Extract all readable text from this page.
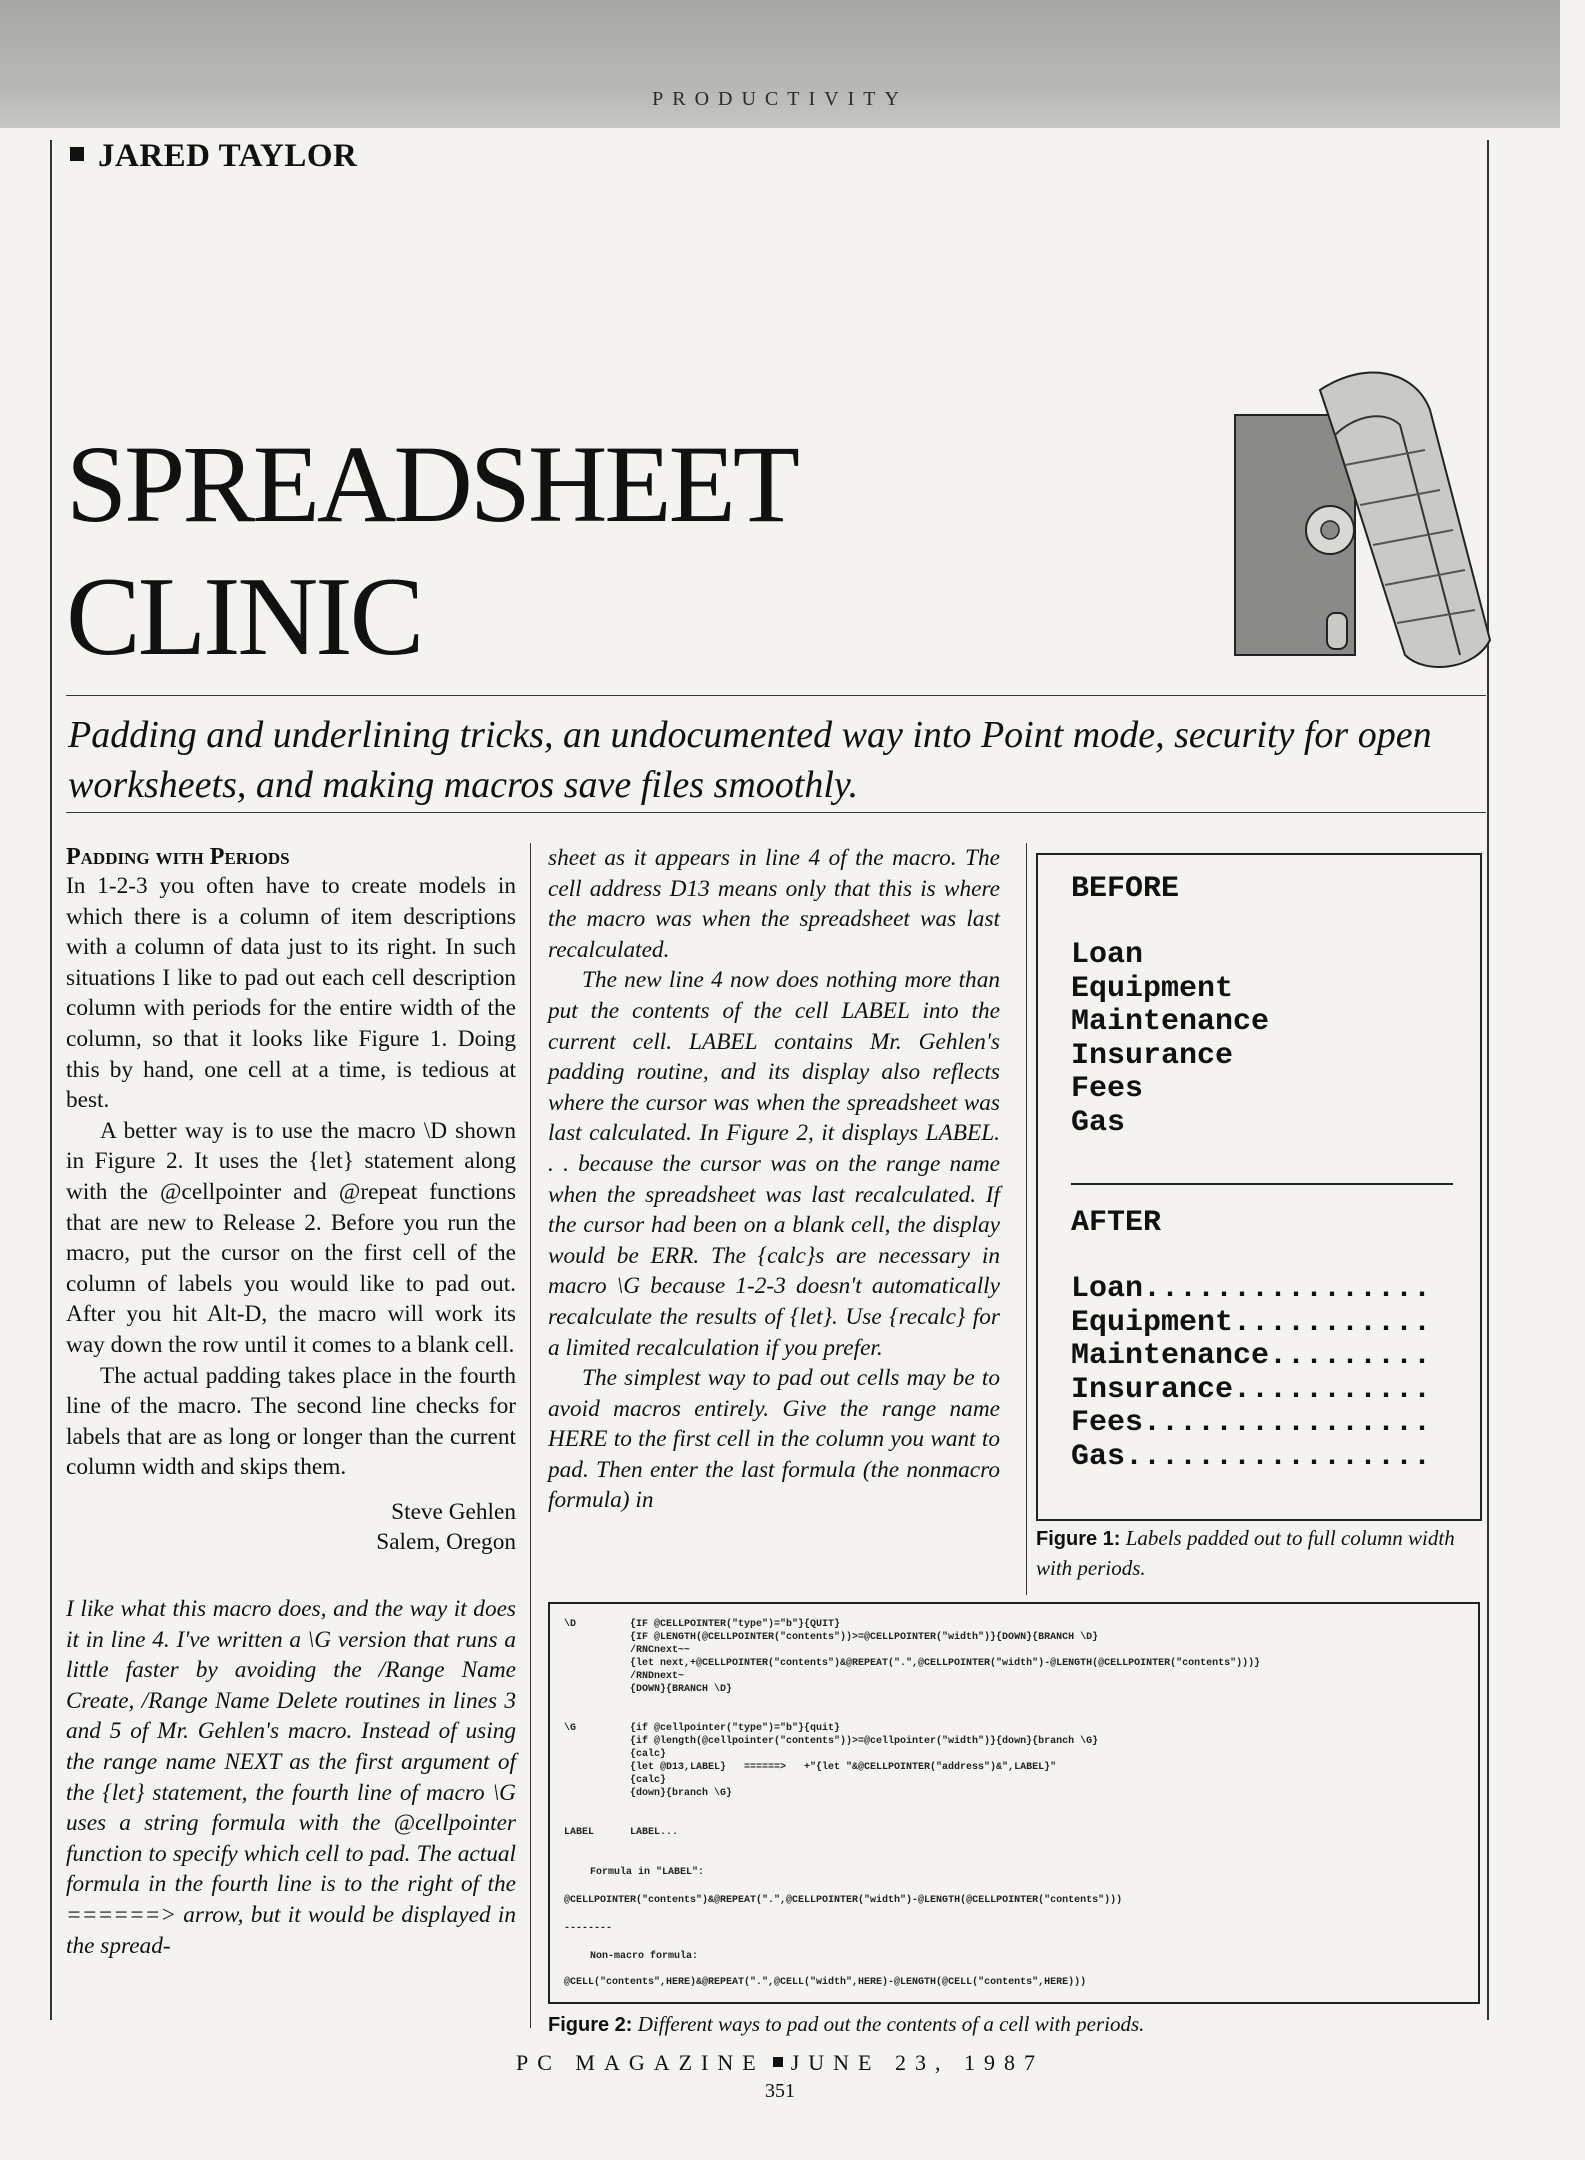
PRODUCTIVITY
JARED TAYLOR
SPREADSHEET
CLINIC

Padding and underlining tricks, an undocumented way into Point mode, security for open worksheets, and making macros save files smoothly.

Padding with Periods

In 1-2-3 you often have to create models in which there is a column of item descriptions with a column of data just to its right. In such situations I like to pad out each cell description column with periods for the entire width of the column, so that it looks like Figure 1. Doing this by hand, one cell at a time, is tedious at best.

A better way is to use the macro \D shown in Figure 2. It uses the {let} statement along with the @cellpointer and @repeat functions that are new to Release 2. Before you run the macro, put the cursor on the first cell of the column of labels you would like to pad out. After you hit Alt-D, the macro will work its way down the row until it comes to a blank cell.

The actual padding takes place in the fourth line of the macro. The second line checks for labels that are as long or longer than the current column width and skips them.

Steve Gehlen

Salem, Oregon

I like what this macro does, and the way it does it in line 4. I've written a \G version that runs a little faster by avoiding the /Range Name Create, /Range Name Delete routines in lines 3 and 5 of Mr. Gehlen's macro. Instead of using the range name NEXT as the first argument of the {let} statement, the fourth line of macro \G uses a string formula with the @cellpointer function to specify which cell to pad. The actual formula in the fourth line is to the right of the ======> arrow, but it would be displayed in the spread-

sheet as it appears in line 4 of the macro. The cell address D13 means only that this is where the macro was when the spreadsheet was last recalculated.

The new line 4 now does nothing more than put the contents of the cell LABEL into the current cell. LABEL contains Mr. Gehlen's padding routine, and its display also reflects where the cursor was when the spreadsheet was last calculated. In Figure 2, it displays LABEL. . . because the cursor was on the range name when the spreadsheet was last recalculated. If the cursor had been on a blank cell, the display would be ERR. The {calc}s are necessary in macro \G because 1-2-3 doesn't automatically recalculate the results of {let}. Use {recalc} for a limited recalculation if you prefer.

The simplest way to pad out cells may be to avoid macros entirely. Give the range name HERE to the first cell in the column you want to pad. Then enter the last formula (the nonmacro formula) in

BEFORE
Loan
Equipment
Maintenance
Insurance
Fees
Gas
AFTER
Loan................
Equipment...........
Maintenance.........
Insurance...........
Fees................
Gas.................
Figure 1: Labels padded out to full column width with periods.
\D	{IF @CELLPOINTER("type")="b"}{QUIT}
{IF @LENGTH(@CELLPOINTER("contents"))>=@CELLPOINTER("width")}{DOWN}{BRANCH \D}
/RNCnext~~
{let next,+@CELLPOINTER("contents")&@REPEAT(".",@CELLPOINTER("width")-@LENGTH(@CELLPOINTER("contents")))}
/RNDnext~
{DOWN}{BRANCH \D}
\G	{if @cellpointer("type")="b"}{quit}
{if @length(@cellpointer("contents"))>=@cellpointer("width")}{down}{branch \G}
{calc}
{let @D13,LABEL}   ======>   +"{let "&@CELLPOINTER("address")&",LABEL}"
{calc}
{down}{branch \G}
LABEL	LABEL...
Formula in "LABEL":
@CELLPOINTER("contents")&@REPEAT(".",@CELLPOINTER("width")-@LENGTH(@CELLPOINTER("contents")))
--------
Non-macro formula:
@CELL("contents",HERE)&@REPEAT(".",@CELL("width",HERE)-@LENGTH(@CELL("contents",HERE)))
Figure 2: Different ways to pad out the contents of a cell with periods.
PC MAGAZINE JUNE 23, 1987
351
